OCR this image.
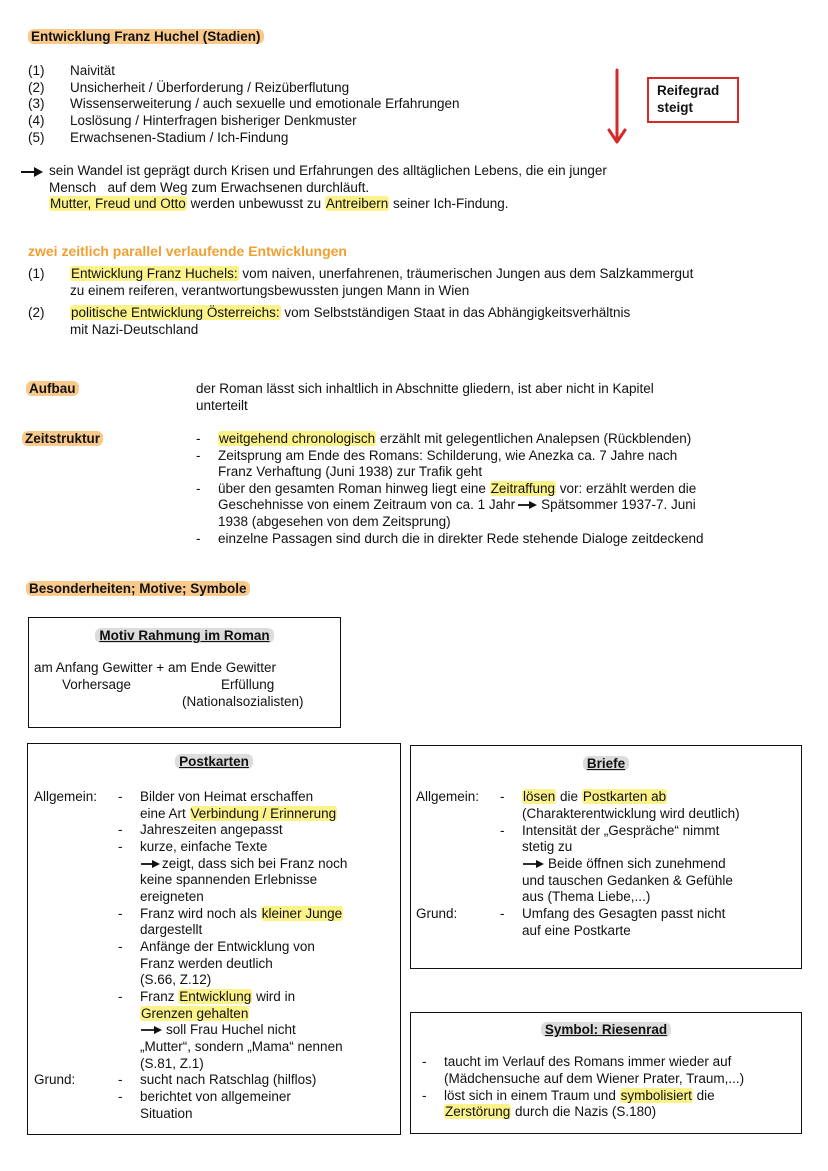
Entwicklung Franz Huchel (Stadien)
(1) Naivität
(2) Unsicherheit / Überforderung / Reizüberflutung
(3) Wissenserweiterung / auch sexuelle und emotionale Erfahrungen
(4) Loslösung / Hinterfragen bisheriger Denkmuster
(5) Erwachsenen-Stadium / Ich-Findung
Reifegrad
steigt
sein Wandel ist geprägt durch Krisen und Erfahrungen des alltäglichen Lebens, die ein junger
Mensch   auf dem Weg zum Erwachsenen durchläuft.
Mutter, Freud und Otto werden unbewusst zu Antreibern seiner Ich-Findung.
zwei zeitlich parallel verlaufende Entwicklungen
(1) Entwicklung Franz Huchels: vom naiven, unerfahrenen, träumerischen Jungen aus dem Salzkammergut
zu einem reiferen, verantwortungsbewussten jungen Mann in Wien
(2) politische Entwicklung Österreichs: vom Selbstständigen Staat in das Abhängigkeitsverhältnis
mit Nazi-Deutschland
Aufbau	der Roman lässt sich inhaltlich in Abschnitte gliedern, ist aber nicht in Kapitel
unterteilt
Zeitstruktur	- weitgehend chronologisch erzählt mit gelegentlichen Analepsen (Rückblenden)
- Zeitsprung am Ende des Romans: Schilderung, wie Anezka ca. 7 Jahre nach
Franz Verhaftung (Juni 1938) zur Trafik geht
- über den gesamten Roman hinweg liegt eine Zeitraffung vor: erzählt werden die
Geschehnisse von einem Zeitraum von ca. 1 Jahr Spätsommer 1937-7. Juni
1938 (abgesehen von dem Zeitsprung)
- einzelne Passagen sind durch die in direkter Rede stehende Dialoge zeitdeckend
Besonderheiten; Motive; Symbole
Motiv Rahmung im Roman
am Anfang Gewitter + am Ende Gewitter
Vorhersage	Erfüllung
(Nationalsozialisten)
Postkarten
Allgemein: - Bilder von Heimat erschaffen
eine Art Verbindung / Erinnerung
- Jahreszeiten angepasst
- kurze, einfache Texte
zeigt, dass sich bei Franz noch
keine spannenden Erlebnisse
ereigneten
- Franz wird noch als kleiner Junge
dargestellt
- Anfänge der Entwicklung von
Franz werden deutlich
(S.66, Z.12)
- Franz Entwicklung wird in
Grenzen gehalten
soll Frau Huchel nicht
„Mutter“, sondern „Mama“ nennen
(S.81, Z.1)
Grund:	- sucht nach Ratschlag (hilflos)
- berichtet von allgemeiner
Situation
Briefe
Allgemein: - lösen die Postkarten ab
(Charakterentwicklung wird deutlich)
- Intensität der „Gespräche“ nimmt
stetig zu
Beide öffnen sich zunehmend
und tauschen Gedanken & Gefühle
aus (Thema Liebe,...)
Grund:	- Umfang des Gesagten passt nicht
auf eine Postkarte
Symbol: Riesenrad
- taucht im Verlauf des Romans immer wieder auf
(Mädchensuche auf dem Wiener Prater, Traum,...)
- löst sich in einem Traum und symbolisiert die
Zerstörung durch die Nazis (S.180)
